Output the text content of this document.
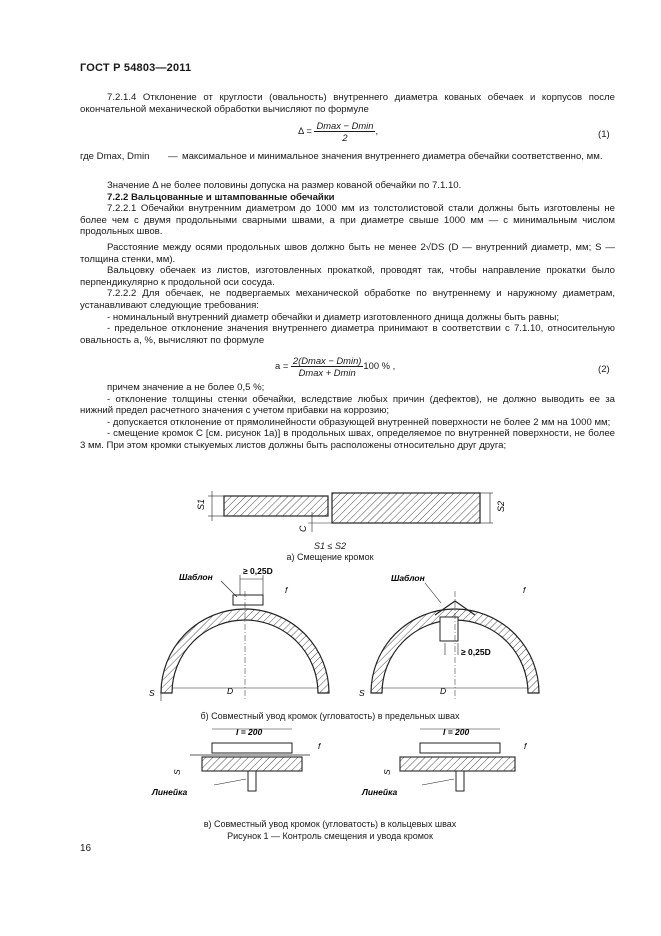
ГОСТ Р 54803—2011

7.2.1.4 Отклонение от круглости (овальность) внутреннего диаметра кованых обечаек и корпусов после окончательной механической обработки вычисляют по формуле

$\Delta = \frac{Dmax - Dmin}{2}$ ,	(1)
где Dmax, Dmin	— максимальное и минимальное значения внутреннего диаметра обечайки соответственно, мм.

Значение Δ не более половины допуска на размер кованой обечайки по 7.1.10.

7.2.2 Вальцованные и штампованные обечайки

7.2.2.1 Обечайки внутренним диаметром до 1000 мм из толстолистовой стали должны быть изготовлены не более чем с двумя продольными сварными швами, а при диаметре свыше 1000 мм — с минимальным числом продольных швов.

Расстояние между осями продольных швов должно быть не менее 2√DS (D — внутренний диаметр, мм; S — толщина стенки, мм).

Вальцовку обечаек из листов, изготовленных прокаткой, проводят так, чтобы направление прокатки было перпендикулярно к продольной оси сосуда.

7.2.2.2 Для обечаек, не подвергаемых механической обработке по внутреннему и наружному диаметрам, устанавливают следующие требования:

- номинальный внутренний диаметр обечайки и диаметр изготовленного днища должны быть равны;

- предельное отклонение значения внутреннего диаметра принимают в соответствии с 7.1.10, относительную овальность a, %, вычисляют по формуле

$a = \frac{2(Dmax - Dmin)}{Dmax + Dmin} 100$ % ,	(2)

причем значение a не более 0,5 %;

- отклонение толщины стенки обечайки, вследствие любых причин (дефектов), не должно выводить ее за нижний предел расчетного значения с учетом прибавки на коррозию;

- допускается отклонение от прямолинейности образующей внутренней поверхности не более 2 мм на 1000 мм;

- смещение кромок C [см. рисунок 1а)] в продольных швах, определяемое по внутренней поверхности, не более 3 мм. При этом кромки стыкуемых листов должны быть расположены относительно друг друга;

S1	S2
C
S1 ≤ S2
а) Смещение кромок
Шаблон
≥ 0,25D
f
S	D
Шаблон
≥ 0,25D
f
S	D
б) Совместный увод кромок (угловатость) в предельных швах
l = 200
f
S
Линейка
l = 200
f
S
Линейка
в) Совместный увод кромок (угловатость) в кольцевых швах
Рисунок 1 — Контроль смещения и увода кромок
16
